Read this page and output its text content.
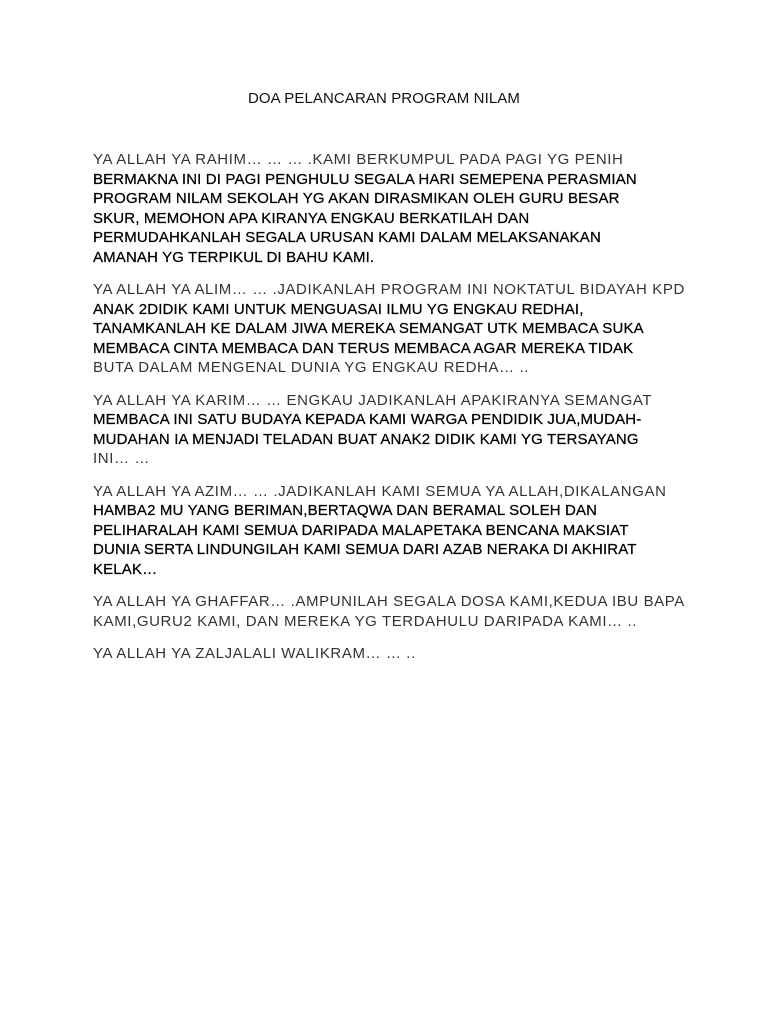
DOA PELANCARAN PROGRAM NILAM
YA ALLAH YA RAHIM… … … .KAMI BERKUMPUL PADA PAGI YG PENIH
BERMAKNA INI DI PAGI PENGHULU SEGALA HARI SEMEPENA PERASMIAN
PROGRAM NILAM SEKOLAH YG AKAN DIRASMIKAN OLEH GURU BESAR
SKUR, MEMOHON APA KIRANYA ENGKAU BERKATILAH DAN
PERMUDAHKANLAH SEGALA URUSAN KAMI DALAM MELAKSANAKAN
AMANAH YG TERPIKUL DI BAHU KAMI.
YA ALLAH YA ALIM… … .JADIKANLAH PROGRAM INI NOKTATUL BIDAYAH KPD
ANAK 2DIDIK KAMI UNTUK MENGUASAI ILMU YG ENGKAU REDHAI,
TANAMKANLAH KE DALAM JIWA MEREKA SEMANGAT UTK MEMBACA SUKA
MEMBACA CINTA MEMBACA DAN TERUS MEMBACA AGAR MEREKA TIDAK
BUTA DALAM MENGENAL DUNIA YG ENGKAU REDHA… ..
YA ALLAH YA KARIM… … ENGKAU JADIKANLAH APAKIRANYA SEMANGAT
MEMBACA INI SATU BUDAYA KEPADA KAMI WARGA PENDIDIK JUA,MUDAH-
MUDAHAN IA MENJADI TELADAN BUAT ANAK2 DIDIK KAMI YG TERSAYANG
INI… …
YA ALLAH YA AZIM… … .JADIKANLAH KAMI SEMUA YA ALLAH,DIKALANGAN
HAMBA2 MU YANG BERIMAN,BERTAQWA DAN BERAMAL SOLEH DAN
PELIHARALAH KAMI SEMUA DARIPADA MALAPETAKA BENCANA MAKSIAT
DUNIA SERTA LINDUNGILAH KAMI SEMUA DARI AZAB NERAKA DI AKHIRAT
KELAK…
YA ALLAH YA GHAFFAR… .AMPUNILAH SEGALA DOSA KAMI,KEDUA IBU BAPA
KAMI,GURU2 KAMI, DAN MEREKA YG TERDAHULU DARIPADA KAMI… ..
YA ALLAH YA ZALJALALI WALIKRAM… … ..
